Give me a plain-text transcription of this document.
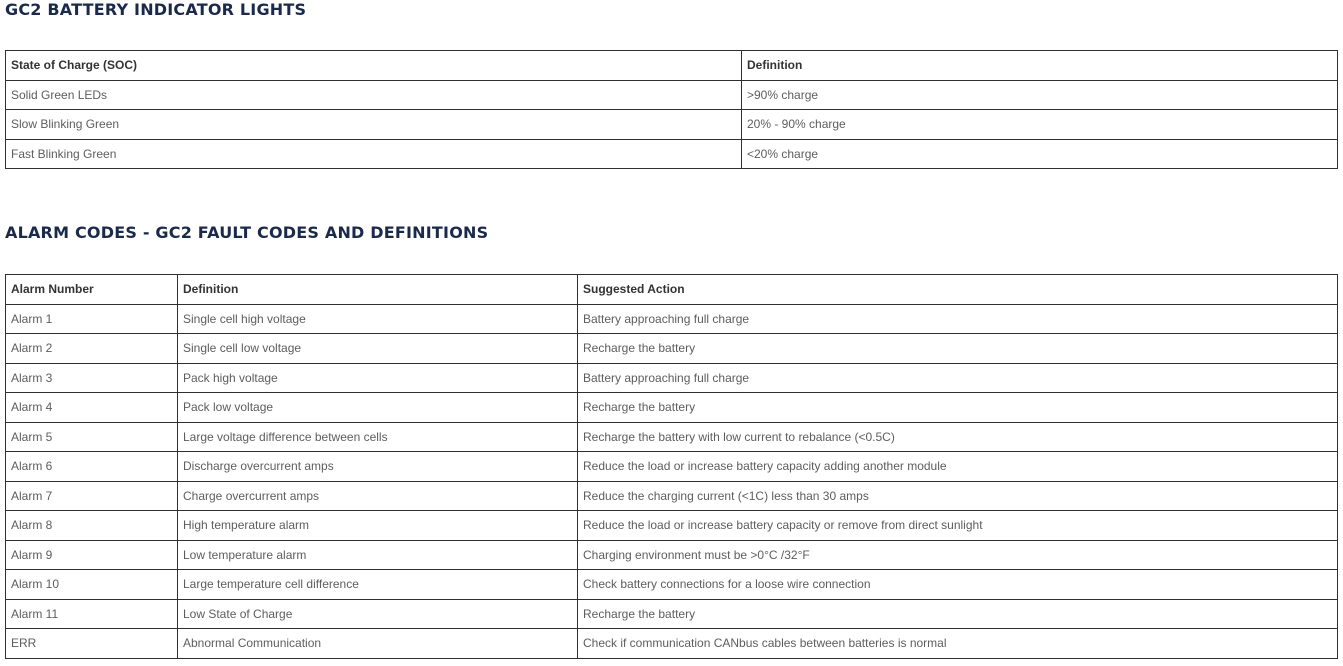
GC2 BATTERY INDICATOR LIGHTS
State of Charge (SOC)	Definition
Solid Green LEDs	>90% charge
Slow Blinking Green	20% - 90% charge
Fast Blinking Green	<20% charge
ALARM CODES - GC2 FAULT CODES AND DEFINITIONS
Alarm Number	Definition	Suggested Action
Alarm 1	Single cell high voltage	Battery approaching full charge
Alarm 2	Single cell low voltage	Recharge the battery
Alarm 3	Pack high voltage	Battery approaching full charge
Alarm 4	Pack low voltage	Recharge the battery
Alarm 5	Large voltage difference between cells	Recharge the battery with low current to rebalance (<0.5C)
Alarm 6	Discharge overcurrent amps	Reduce the load or increase battery capacity adding another module
Alarm 7	Charge overcurrent amps	Reduce the charging current (<1C) less than 30 amps
Alarm 8	High temperature alarm	Reduce the load or increase battery capacity or remove from direct sunlight
Alarm 9	Low temperature alarm	Charging environment must be >0°C /32°F
Alarm 10	Large temperature cell difference	Check battery connections for a loose wire connection
Alarm 11	Low State of Charge	Recharge the battery
ERR	Abnormal Communication	Check if communication CANbus cables between batteries is normal
